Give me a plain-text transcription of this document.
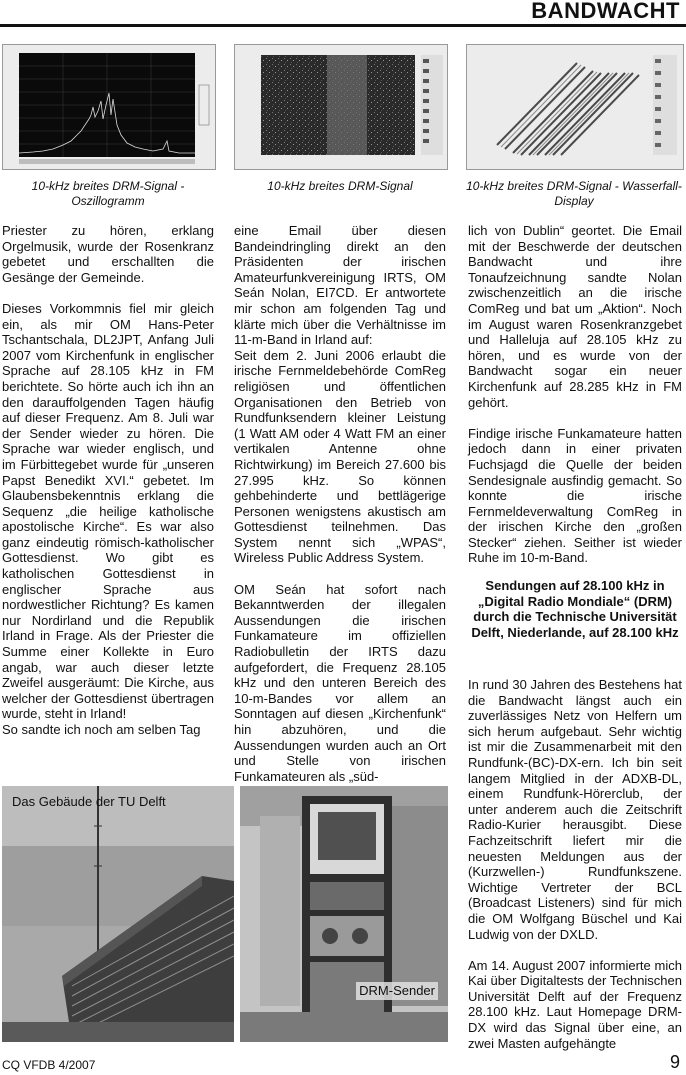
BANDWACHT
10-kHz breites DRM-Signal - Oszillogramm
10-kHz breites DRM-Signal	10-kHz breites DRM-Signal - Wasserfall-Display

Priester zu hören, erklang Orgelmusik, wurde der Rosenkranz gebetet und erschallten die Gesänge der Gemeinde.

Dieses Vorkommnis fiel mir gleich ein, als mir OM Hans-Peter Tschantschala, DL2JPT, Anfang Juli 2007 vom Kirchenfunk in englischer Sprache auf 28.105 kHz in FM berichtete. So hörte auch ich ihn an den darauffolgenden Tagen häufig auf dieser Frequenz. Am 8. Juli war der Sender wieder zu hören. Die Sprache war wieder englisch, und im Fürbittegebet wurde für „unseren Papst Benedikt XVI.“ gebetet. Im Glaubensbekenntnis erklang die Sequenz „die heilige katholische apostolische Kirche“. Es war also ganz eindeutig römisch-katholischer Gottesdienst. Wo gibt es katholischen Gottesdienst in englischer Sprache aus nordwestlicher Richtung? Es kamen nur Nordirland und die Republik Irland in Frage. Als der Priester die Summe einer Kollekte in Euro angab, war auch dieser letzte Zweifel ausgeräumt: Die Kirche, aus welcher der Gottesdienst übertragen wurde, steht in Irland!

So sandte ich noch am selben Tag

eine Email über diesen Bandeindringling direkt an den Präsidenten der irischen Amateurfunkvereinigung IRTS, OM Seán Nolan, EI7CD. Er antwortete mir schon am folgenden Tag und klärte mich über die Verhältnisse im 11-m-Band in Irland auf:

Seit dem 2. Juni 2006 erlaubt die irische Fernmeldebehörde ComReg religiösen und öffentlichen Organisationen den Betrieb von Rundfunksendern kleiner Leistung (1 Watt AM oder 4 Watt FM an einer vertikalen Antenne ohne Richtwirkung) im Bereich 27.600 bis 27.995 kHz. So können gehbehinderte und bettlägerige Personen wenigstens akustisch am Gottesdienst teilnehmen. Das System nennt sich „WPAS“, Wireless Public Address System.

OM Seán hat sofort nach Bekanntwerden der illegalen Aussendungen die irischen Funkamateure im offiziellen Radiobulletin der IRTS dazu aufgefordert, die Frequenz 28.105 kHz und den unteren Bereich des 10-m-Bandes vor allem an Sonntagen auf diesen „Kirchenfunk“ hin abzuhören, und die Aussendungen wurden auch an Ort und Stelle von irischen Funkamateuren als „süd-

lich von Dublin“ geortet. Die Email mit der Beschwerde der deutschen Bandwacht und ihre Tonaufzeichnung sandte Nolan zwischenzeitlich an die irische ComReg und bat um „Aktion“. Noch im August waren Rosenkranzgebet und Halleluja auf 28.105 kHz zu hören, und es wurde von der Bandwacht sogar ein neuer Kirchenfunk auf 28.285 kHz in FM gehört.

Findige irische Funkamateure hatten jedoch dann in einer privaten Fuchsjagd die Quelle der beiden Sendesignale ausfindig gemacht. So konnte die irische Fernmeldeverwaltung ComReg in der irischen Kirche den „großen Stecker“ ziehen. Seither ist wieder Ruhe im 10-m-Band.

Sendungen auf 28.100 kHz in „Digital Radio Mondiale“ (DRM) durch die Technische Universität Delft, Niederlande, auf 28.100 kHz

In rund 30 Jahren des Bestehens hat die Bandwacht längst auch ein zuverlässiges Netz von Helfern um sich herum aufgebaut. Sehr wichtig ist mir die Zusammenarbeit mit den Rundfunk-(BC)-DX-ern. Ich bin seit langem Mitglied in der ADXB-DL, einem Rundfunk-Hörerclub, der unter anderem auch die Zeitschrift Radio-Kurier herausgibt. Diese Fachzeitschrift liefert mir die neuesten Meldungen aus der (Kurzwellen-) Rundfunkszene. Wichtige Vertreter der BCL (Broadcast Listeners) sind für mich die OM Wolfgang Büschel und Kai Ludwig von der DXLD.

Am 14. August 2007 informierte mich Kai über Digitaltests der Technischen Universität Delft auf der Frequenz 28.100 kHz. Laut Homepage DRM-DX wird das Signal über eine, an zwei Masten aufgehängte

Das Gebäude der TU Delft
DRM-Sender
CQ VFDB 4/2007	9
